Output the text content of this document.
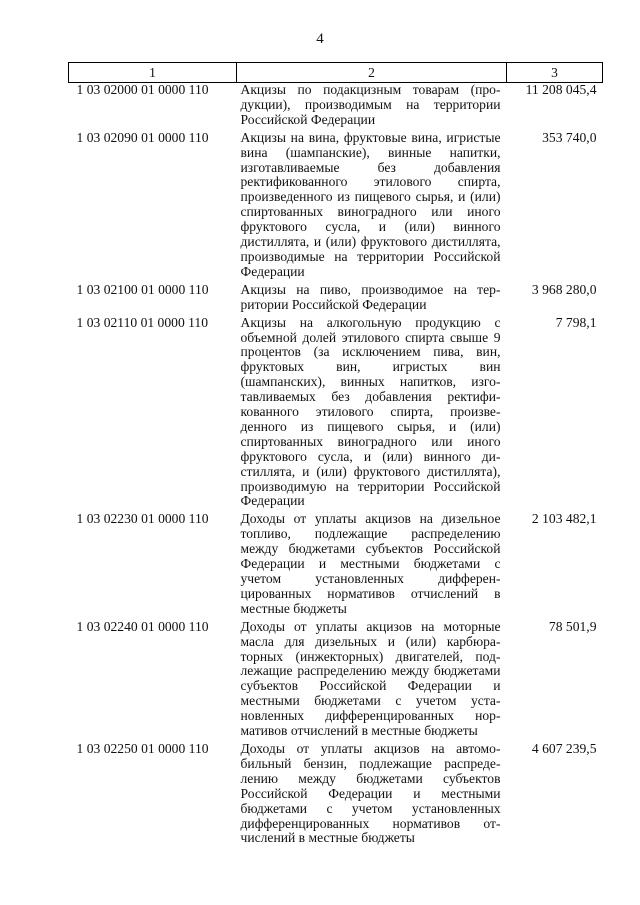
4
1	2	3
1 03 02000 01 0000 110	Акцизы по подакцизным товарам (продукции), производимым на территории Российской Федерации	11 208 045,4
1 03 02090 01 0000 110	Акцизы на вина, фруктовые вина, игристые вина (шампанские), винные напитки, изготавливаемые без добавления ректификованного этилового спирта, произведенного из пищевого сырья, и (или) спиртованных виноградного или иного фруктового сусла, и (или) винного дистиллята, и (или) фруктового дистиллята, производимые на территории Российской Федерации	353 740,0
1 03 02100 01 0000 110	Акцизы на пиво, производимое на территории Российской Федерации	3 968 280,0
1 03 02110 01 0000 110	Акцизы на алкогольную продукцию с объемной долей этилового спирта свыше 9 процентов (за исключением пива, вин, фруктовых вин, игристых вин (шампанских), винных напитков, изготавливаемых без добавления ректификованного этилового спирта, произведенного из пищевого сырья, и (или) спиртованных виноградного или иного фруктового сусла, и (или) винного дистиллята, и (или) фруктового дистиллята), производимую на территории Российской Федерации	7 798,1
1 03 02230 01 0000 110	Доходы от уплаты акцизов на дизельное топливо, подлежащие распределению между бюджетами субъектов Российской Федерации и местными бюджетами с учетом установленных дифференцированных нормативов отчислений в местные бюджеты	2 103 482,1
1 03 02240 01 0000 110	Доходы от уплаты акцизов на моторные масла для дизельных и (или) карбюраторных (инжекторных) двигателей, подлежащие распределению между бюджетами субъектов Российской Федерации и местными бюджетами с учетом установленных дифференцированных нормативов отчислений в местные бюджеты	78 501,9
1 03 02250 01 0000 110	Доходы от уплаты акцизов на автомобильный бензин, подлежащие распределению между бюджетами субъектов Российской Федерации и местными бюджетами с учетом установленных дифференцированных нормативов отчислений в местные бюджеты	4 607 239,5
